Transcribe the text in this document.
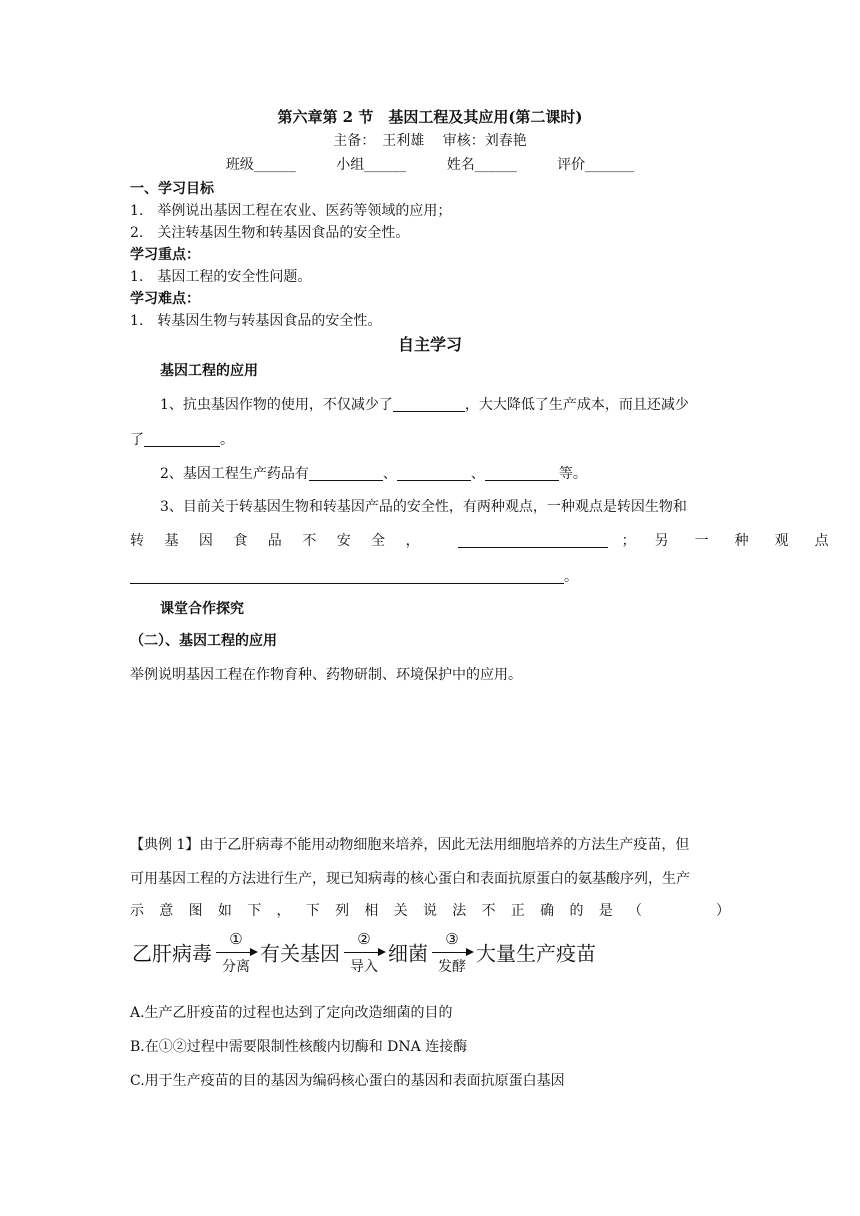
第六章第 2 节　基因工程及其应用(第二课时)
主备：　王利雄　 审核：刘春艳
班级______	小组______	姓名______	评价_______
一、学习目标
1.　举例说出基因工程在农业、医药等领域的应用；
2.　关注转基因生物和转基因食品的安全性。
学习重点：
1.　基因工程的安全性问题。
学习难点：
1.　转基因生物与转基因食品的安全性。
自主学习
基因工程的应用
1、抗虫基因作物的使用，不仅减少了	，大大降低了生产成本，而且还减少
了	。
2、基因工程生产药品有	、	、	等。
3、目前关于转基因生物和转基因产品的安全性，有两种观点，一种观点是转因生物和
转 基 因 食 品 不 安 全 ，	；　另　一　种　观　点
。
课堂合作探究
（二）、基因工程的应用
举例说明基因工程在作物育种、药物研制、环境保护中的应用。
【典例 1】由于乙肝病毒不能用动物细胞来培养，因此无法用细胞培养的方法生产疫苗，但
可用基因工程的方法进行生产，现已知病毒的核心蛋白和表面抗原蛋白的氨基酸序列，生产
示 意 图 如 下 ， 下 列 相 关 说 法 不 正 确 的 是 （

　	）
乙肝病毒
①
分离
有关基因
②
导入
细菌
③
发酵
大量生产疫苗
A.生产乙肝疫苗的过程也达到了定向改造细菌的目的
B.在①②过程中需要限制性核酸内切酶和 DNA 连接酶
C.用于生产疫苗的目的基因为编码核心蛋白的基因和表面抗原蛋白基因
